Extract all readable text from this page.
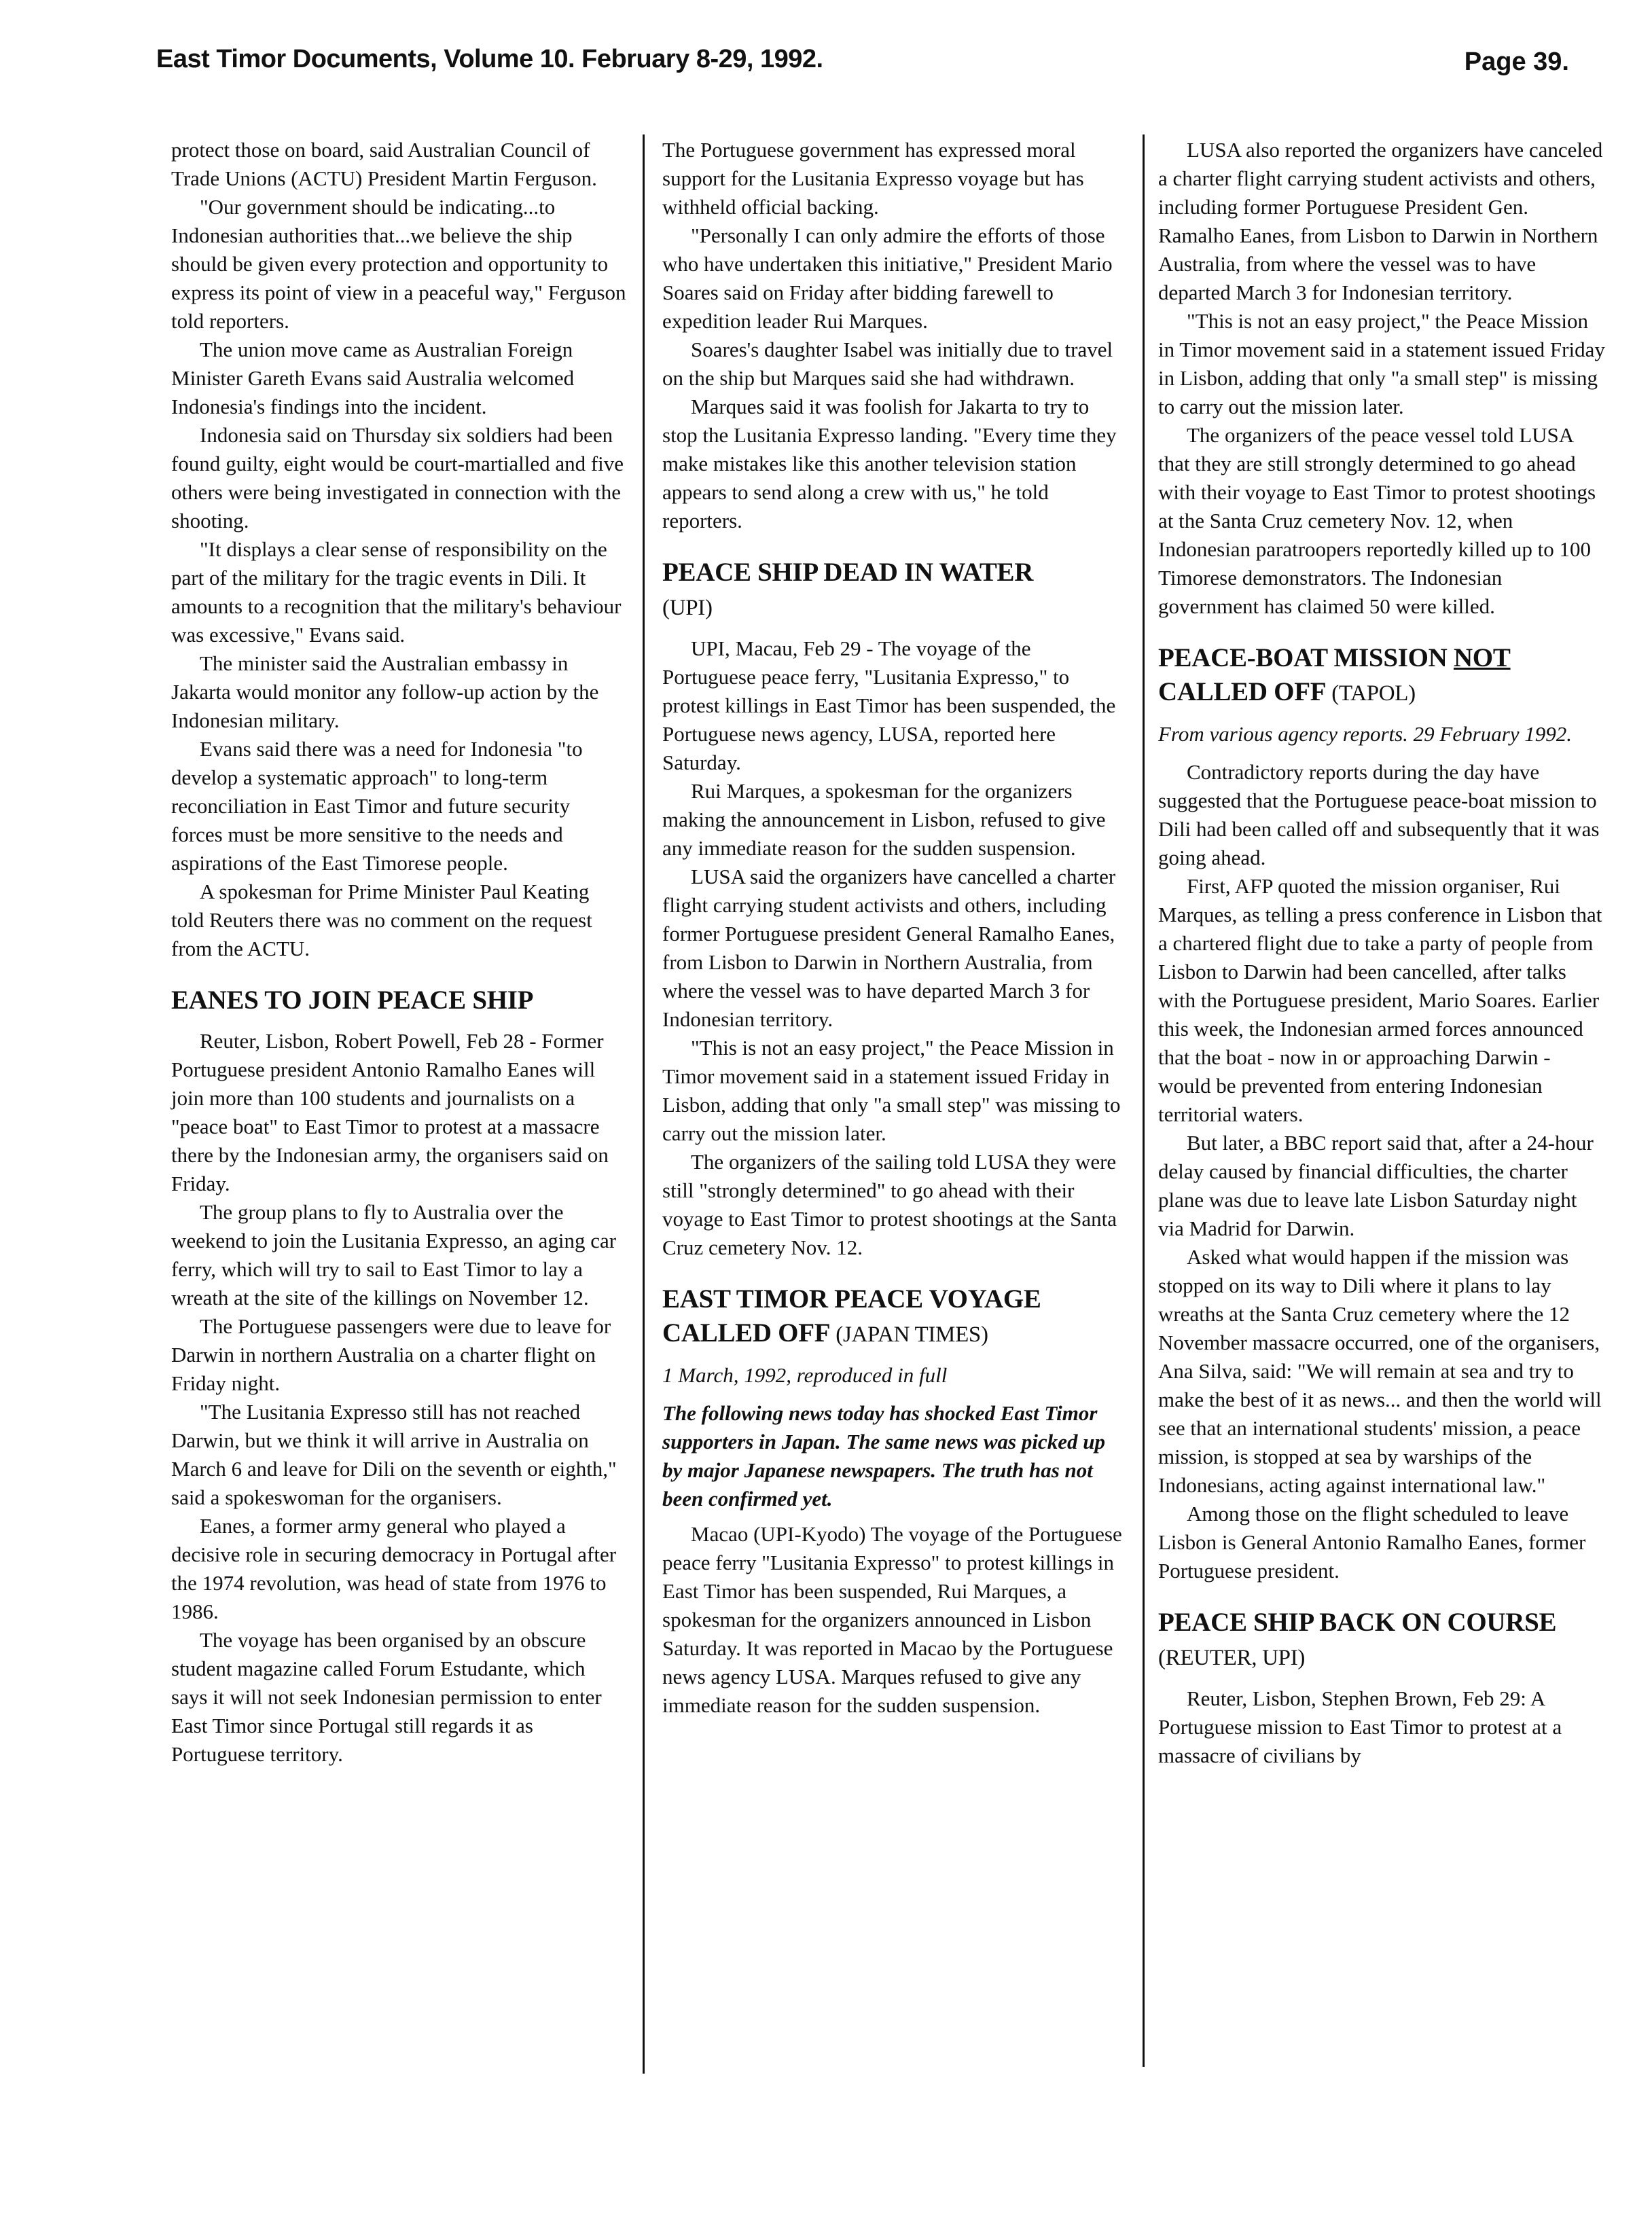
East Timor Documents, Volume 10. February 8-29, 1992.	Page 39.

protect those on board, said Australian Council of Trade Unions (ACTU) President Martin Ferguson.

"Our government should be indicating...to Indonesian authorities that...we believe the ship should be given every protection and opportunity to express its point of view in a peaceful way," Ferguson told reporters.

The union move came as Australian Foreign Minister Gareth Evans said Australia welcomed Indonesia's findings into the incident.

Indonesia said on Thursday six soldiers had been found guilty, eight would be court-martialled and five others were being investigated in connection with the shooting.

"It displays a clear sense of responsibility on the part of the military for the tragic events in Dili. It amounts to a recognition that the military's behaviour was excessive," Evans said.

The minister said the Australian embassy in Jakarta would monitor any follow-up action by the Indonesian military.

Evans said there was a need for Indonesia "to develop a systematic approach" to long-term reconciliation in East Timor and future security forces must be more sensitive to the needs and aspirations of the East Timorese people.

A spokesman for Prime Minister Paul Keating told Reuters there was no comment on the request from the ACTU.

EANES TO JOIN PEACE SHIP

Reuter, Lisbon, Robert Powell, Feb 28 - Former Portuguese president Antonio Ramalho Eanes will join more than 100 students and journalists on a "peace boat" to East Timor to protest at a massacre there by the Indonesian army, the organisers said on Friday.

The group plans to fly to Australia over the weekend to join the Lusitania Expresso, an aging car ferry, which will try to sail to East Timor to lay a wreath at the site of the killings on November 12.

The Portuguese passengers were due to leave for Darwin in northern Australia on a charter flight on Friday night.

"The Lusitania Expresso still has not reached Darwin, but we think it will arrive in Australia on March 6 and leave for Dili on the seventh or eighth," said a spokeswoman for the organisers.

Eanes, a former army general who played a decisive role in securing democracy in Portugal after the 1974 revolution, was head of state from 1976 to 1986.

The voyage has been organised by an obscure student magazine called Forum Estudante, which says it will not seek Indonesian permission to enter East Timor since Portugal still regards it as Portuguese territory.

The Portuguese government has expressed moral support for the Lusitania Expresso voyage but has withheld official backing.

"Personally I can only admire the efforts of those who have undertaken this initiative," President Mario Soares said on Friday after bidding farewell to expedition leader Rui Marques.

Soares's daughter Isabel was initially due to travel on the ship but Marques said she had withdrawn.

Marques said it was foolish for Jakarta to try to stop the Lusitania Expresso landing. "Every time they make mistakes like this another television station appears to send along a crew with us," he told reporters.

PEACE SHIP DEAD IN WATER
(UPI)

UPI, Macau, Feb 29 - The voyage of the Portuguese peace ferry, "Lusitania Expresso," to protest killings in East Timor has been suspended, the Portuguese news agency, LUSA, reported here Saturday.

Rui Marques, a spokesman for the organizers making the announcement in Lisbon, refused to give any immediate reason for the sudden suspension.

LUSA said the organizers have cancelled a charter flight carrying student activists and others, including former Portuguese president General Ramalho Eanes, from Lisbon to Darwin in Northern Australia, from where the vessel was to have departed March 3 for Indonesian territory.

"This is not an easy project," the Peace Mission in Timor movement said in a statement issued Friday in Lisbon, adding that only "a small step" was missing to carry out the mission later.

The organizers of the sailing told LUSA they were still "strongly determined" to go ahead with their voyage to East Timor to protest shootings at the Santa Cruz cemetery Nov. 12.

EAST TIMOR PEACE VOYAGE CALLED OFF (JAPAN TIMES)

1 March, 1992, reproduced in full

The following news today has shocked East Timor supporters in Japan. The same news was picked up by major Japanese newspapers. The truth has not been confirmed yet.

Macao (UPI-Kyodo) The voyage of the Portuguese peace ferry "Lusitania Expresso" to protest killings in East Timor has been suspended, Rui Marques, a spokesman for the organizers announced in Lisbon Saturday. It was reported in Macao by the Portuguese news agency LUSA. Marques refused to give any immediate reason for the sudden suspension.

LUSA also reported the organizers have canceled a charter flight carrying student activists and others, including former Portuguese President Gen. Ramalho Eanes, from Lisbon to Darwin in Northern Australia, from where the vessel was to have departed March 3 for Indonesian territory.

"This is not an easy project," the Peace Mission in Timor movement said in a statement issued Friday in Lisbon, adding that only "a small step" is missing to carry out the mission later.

The organizers of the peace vessel told LUSA that they are still strongly determined to go ahead with their voyage to East Timor to protest shootings at the Santa Cruz cemetery Nov. 12, when Indonesian paratroopers reportedly killed up to 100 Timorese demonstrators. The Indonesian government has claimed 50 were killed.

PEACE-BOAT MISSION NOT
CALLED OFF (TAPOL)

From various agency reports. 29 February 1992.

Contradictory reports during the day have suggested that the Portuguese peace-boat mission to Dili had been called off and subsequently that it was going ahead.

First, AFP quoted the mission organiser, Rui Marques, as telling a press conference in Lisbon that a chartered flight due to take a party of people from Lisbon to Darwin had been cancelled, after talks with the Portuguese president, Mario Soares. Earlier this week, the Indonesian armed forces announced that the boat - now in or approaching Darwin - would be prevented from entering Indonesian territorial waters.

But later, a BBC report said that, after a 24-hour delay caused by financial difficulties, the charter plane was due to leave late Lisbon Saturday night via Madrid for Darwin.

Asked what would happen if the mission was stopped on its way to Dili where it plans to lay wreaths at the Santa Cruz cemetery where the 12 November massacre occurred, one of the organisers, Ana Silva, said: "We will remain at sea and try to make the best of it as news... and then the world will see that an international students' mission, a peace mission, is stopped at sea by warships of the Indonesians, acting against international law."

Among those on the flight scheduled to leave Lisbon is General Antonio Ramalho Eanes, former Portuguese president.

PEACE SHIP BACK ON COURSE
(REUTER, UPI)

Reuter, Lisbon, Stephen Brown, Feb 29: A Portuguese mission to East Timor to protest at a massacre of civilians by
